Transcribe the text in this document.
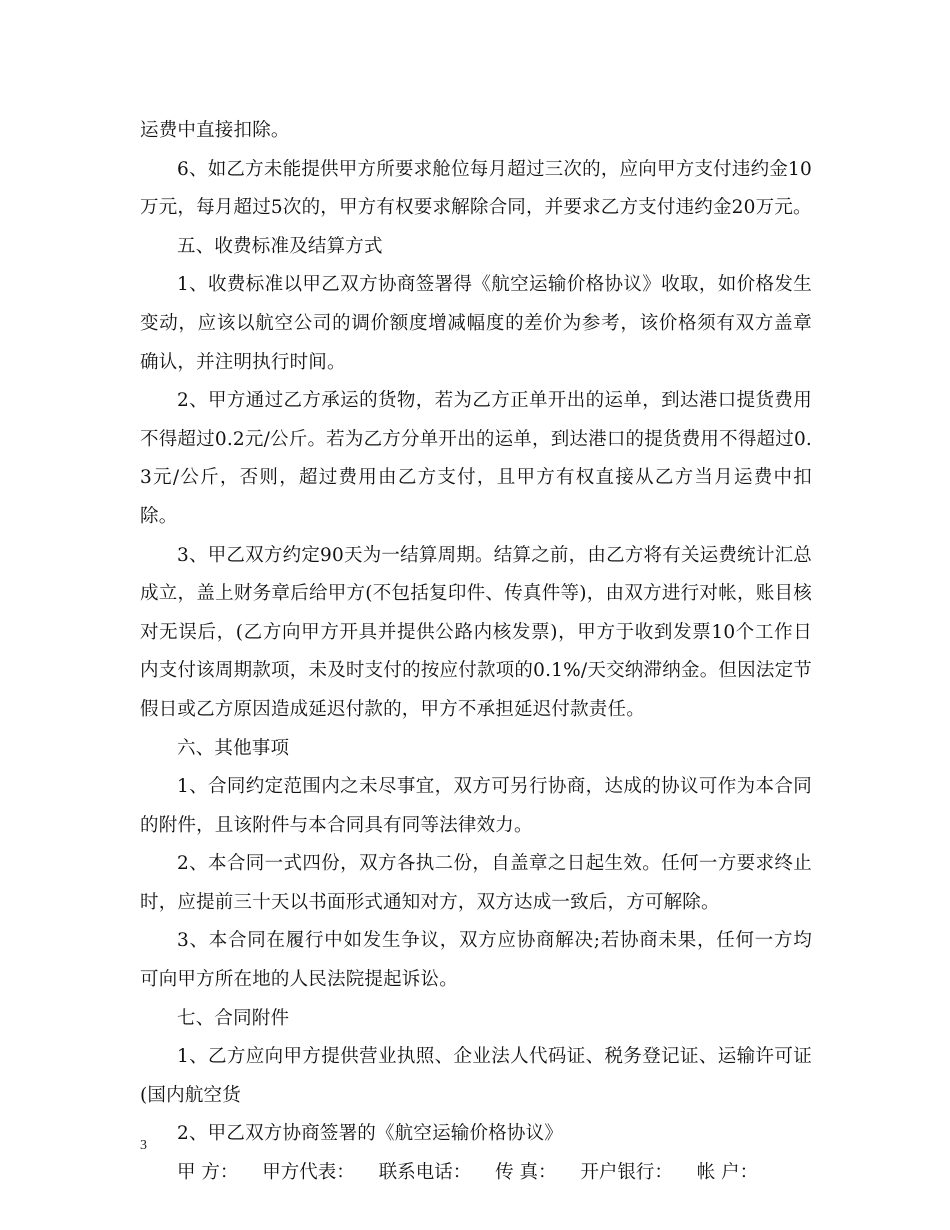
运费中直接扣除。

6、如乙方未能提供甲方所要求舱位每月超过三次的，应向甲方支付违约金10万元，每月超过5次的，甲方有权要求解除合同，并要求乙方支付违约金20万元。

五、收费标准及结算方式

1、收费标准以甲乙双方协商签署得《航空运输价格协议》收取，如价格发生变动，应该以航空公司的调价额度增减幅度的差价为参考，该价格须有双方盖章确认，并注明执行时间。

2、甲方通过乙方承运的货物，若为乙方正单开出的运单，到达港口提货费用不得超过0.2元/公斤。若为乙方分单开出的运单，到达港口的提货费用不得超过0.3元/公斤，否则，超过费用由乙方支付，且甲方有权直接从乙方当月运费中扣除。

3、甲乙双方约定90天为一结算周期。结算之前，由乙方将有关运费统计汇总成立，盖上财务章后给甲方(不包括复印件、传真件等)，由双方进行对帐，账目核对无误后，(乙方向甲方开具并提供公路内核发票)，甲方于收到发票10个工作日内支付该周期款项，未及时支付的按应付款项的0.1%/天交纳滞纳金。但因法定节假日或乙方原因造成延迟付款的，甲方不承担延迟付款责任。

六、其他事项

1、合同约定范围内之未尽事宜，双方可另行协商，达成的协议可作为本合同的附件，且该附件与本合同具有同等法律效力。

2、本合同一式四份，双方各执二份，自盖章之日起生效。任何一方要求终止时，应提前三十天以书面形式通知对方，双方达成一致后，方可解除。

3、本合同在履行中如发生争议，双方应协商解决;若协商未果，任何一方均可向甲方所在地的人民法院提起诉讼。

七、合同附件

1、乙方应向甲方提供营业执照、企业法人代码证、税务登记证、运输许可证(国内航空货

2、甲乙双方协商签署的《航空运输价格协议》

甲 方： 甲方代表： 联系电话： 传 真： 开户银行： 帐 户：

3
